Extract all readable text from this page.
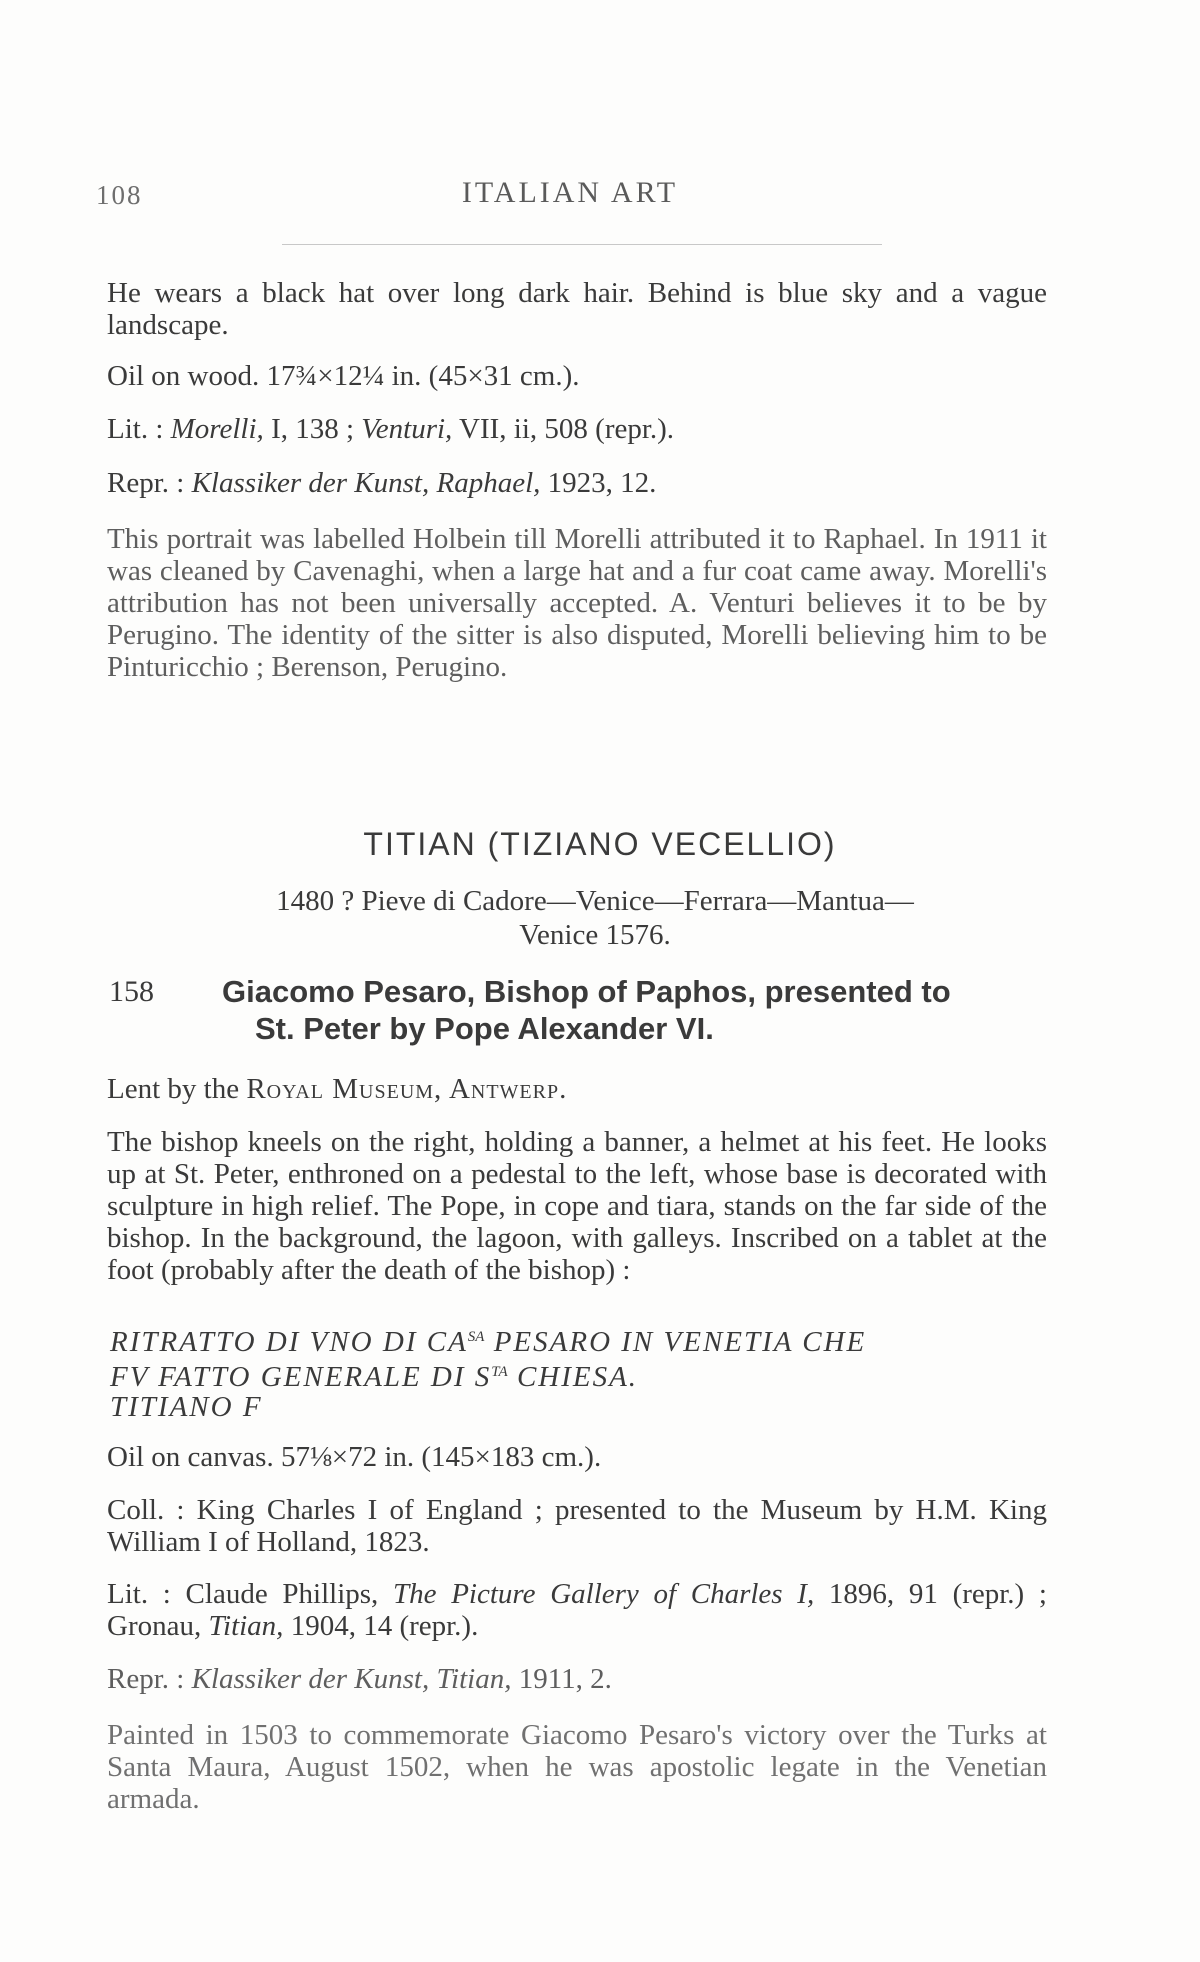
108	ITALIAN ART

He wears a black hat over long dark hair. Behind is blue sky and a vague landscape.

Oil on wood. 17¾×12¼ in. (45×31 cm.).

Lit. : Morelli, I, 138 ; Venturi, VII, ii, 508 (repr.).

Repr. : Klassiker der Kunst, Raphael, 1923, 12.

This portrait was labelled Holbein till Morelli attributed it to Raphael. In 1911 it was cleaned by Cavenaghi, when a large hat and a fur coat came away. Morelli's attribution has not been universally accepted. A. Venturi believes it to be by Perugino. The identity of the sitter is also disputed, Morelli believing him to be Pinturicchio ; Berenson, Perugino.

TITIAN (TIZIANO VECELLIO)
1480 ? Pieve di Cadore—Venice—Ferrara—Mantua—
Venice 1576.
158 Giacomo Pesaro, Bishop of Paphos, presented to
St. Peter by Pope Alexander VI.

Lent by the Royal Museum, Antwerp.

The bishop kneels on the right, holding a banner, a helmet at his feet. He looks up at St. Peter, enthroned on a pedestal to the left, whose base is decorated with sculpture in high relief. The Pope, in cope and tiara, stands on the far side of the bishop. In the background, the lagoon, with galleys. Inscribed on a tablet at the foot (probably after the death of the bishop) :

RITRATTO DI VNO DI $CA^{SA}$ PESARO IN VENETIA CHE
FV FATTO GENERALE DI $S^{TA}$ CHIESA.
TITIANO F

Oil on canvas. 57⅛×72 in. (145×183 cm.).

Coll. : King Charles I of England ; presented to the Museum by H.M. King William I of Holland, 1823.

Lit. : Claude Phillips, The Picture Gallery of Charles I, 1896, 91 (repr.) ; Gronau, Titian, 1904, 14 (repr.).

Repr. : Klassiker der Kunst, Titian, 1911, 2.

Painted in 1503 to commemorate Giacomo Pesaro's victory over the Turks at Santa Maura, August 1502, when he was apostolic legate in the Venetian armada.
